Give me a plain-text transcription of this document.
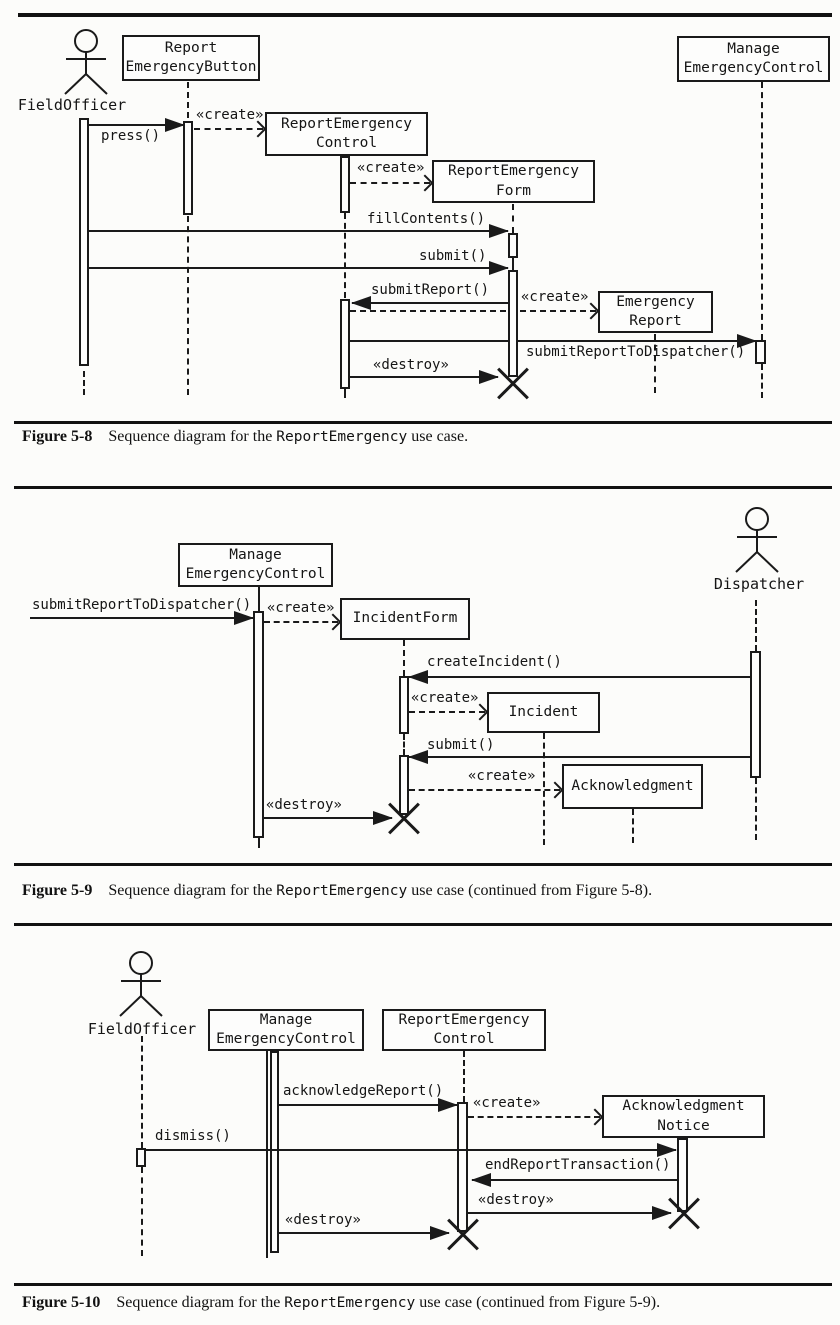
FieldOfficer
Report
EmergencyButton
Manage
EmergencyControl
ReportEmergency
Control
ReportEmergency
Form
Emergency
Report
press()
«create»
«create»
fillContents()
submit()
submitReport() «create»
submitReportToDispatcher()
«destroy»

Figure 5-8 Sequence diagram for the ReportEmergency use case.

Dispatcher
Manage
EmergencyControl
IncidentForm
Incident
Acknowledgment
submitReportToDispatcher() «create»
createIncident()
«create»
submit()
«create»
«destroy»

Figure 5-9 Sequence diagram for the ReportEmergency use case (continued from Figure 5-8).

FieldOfficer
Manage
EmergencyControl
ReportEmergency
Control
Acknowledgment
Notice
acknowledgeReport()
«create»
dismiss()
endReportTransaction()
«destroy»
«destroy»

Figure 5-10 Sequence diagram for the ReportEmergency use case (continued from Figure 5-9).
